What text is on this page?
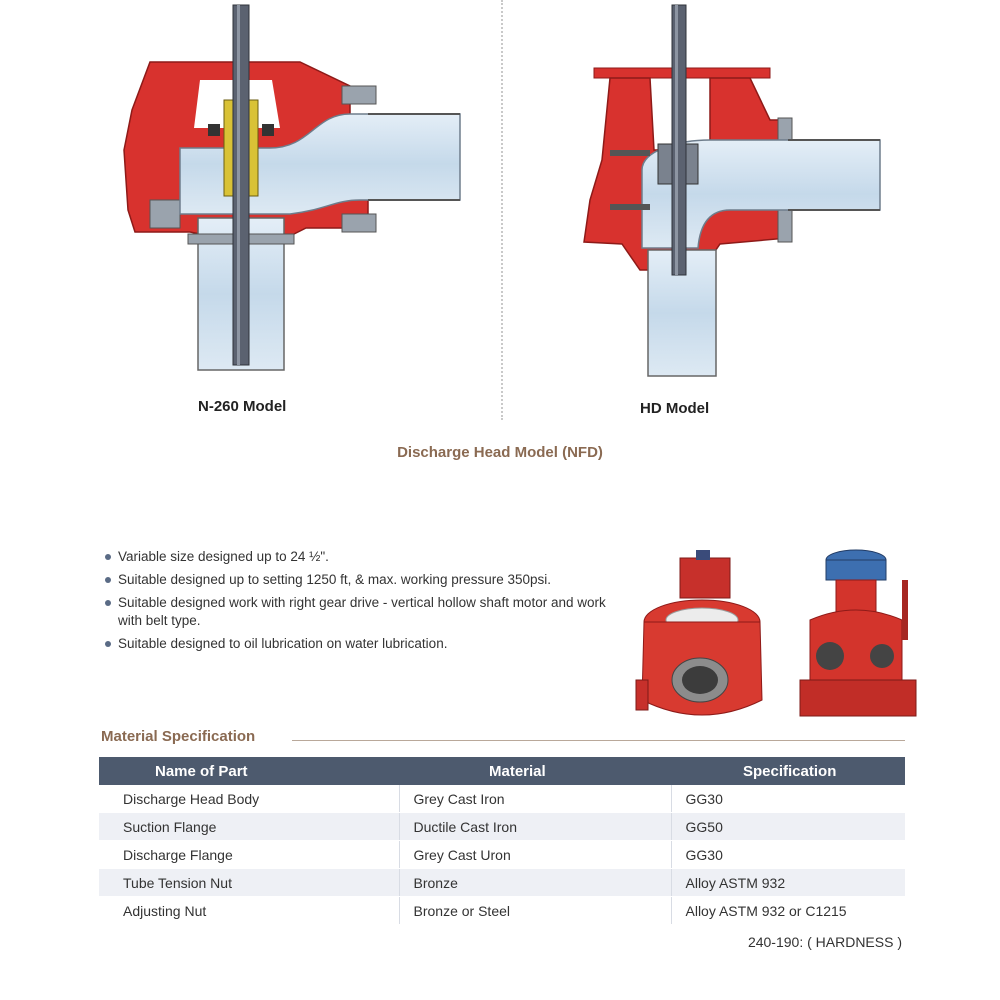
N-260 Model	HD Model
Discharge Head Model (NFD)
Variable size designed up to 24 ½".
Suitable designed up to setting 1250 ft, & max. working pressure 350psi.
Suitable designed work with right gear drive - vertical hollow shaft motor and work with belt type.
Suitable designed to oil lubrication on water lubrication.
Material Specification
Name of Part	Material	Specification
Discharge Head Body	Grey Cast Iron	GG30
Suction Flange	Ductile Cast Iron	GG50
Discharge Flange	Grey Cast Uron	GG30
Tube Tension Nut	Bronze	Alloy ASTM 932
Adjusting Nut	Bronze or Steel	Alloy ASTM 932 or C1215
240-190: ( HARDNESS )
